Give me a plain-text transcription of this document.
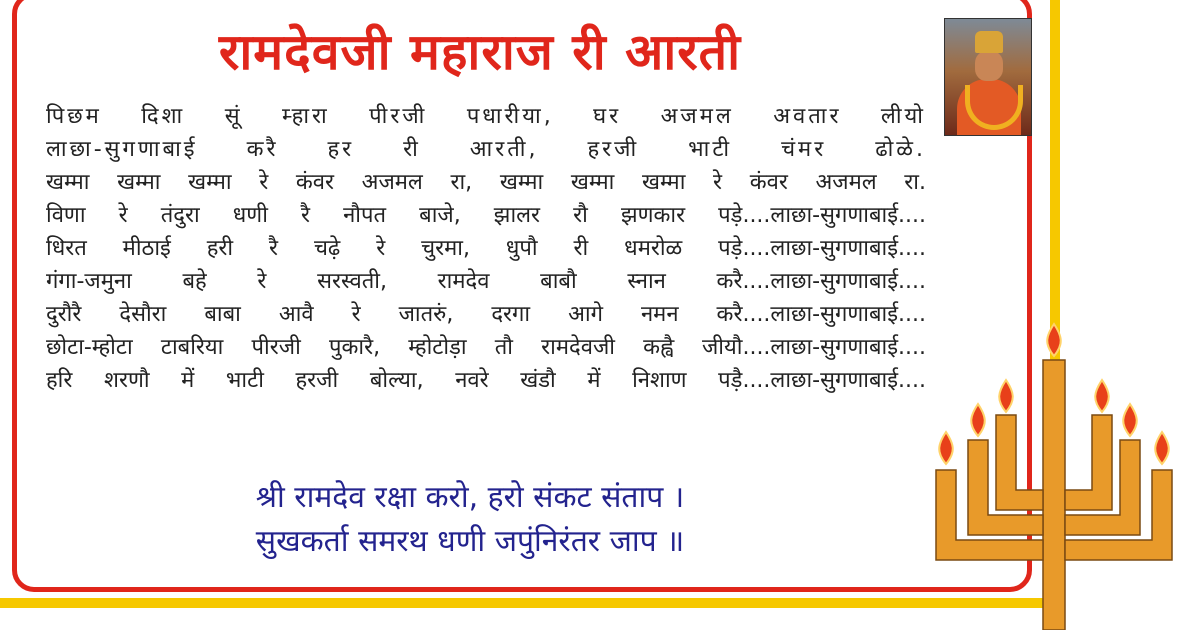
रामदेवजी महाराज री आरती
पिछम दिशा सूं म्हारा पीरजी पधारीया, घर अजमल अवतार लीयो
लाछा-सुगणाबाई करै हर री आरती, हरजी भाटी चंमर ढोळे.
खम्मा खम्मा खम्मा रे कंवर अजमल रा, खम्मा खम्मा खम्मा रे कंवर अजमल रा.
विणा रे तंदुरा धणी रै नौपत बाजे, झालर रौ झणकार पड़े....लाछा-सुगणाबाई....
धिरत मीठाई हरी रै चढ़े रे चुरमा, धुपौ री धमरोळ पड़े....लाछा-सुगणाबाई....
गंगा-जमुना बहे रे सरस्वती, रामदेव बाबौ स्नान करै....लाछा-सुगणाबाई....
दुरौरै देसौरा बाबा आवै रे जातरुं, दरगा आगे नमन करै....लाछा-सुगणाबाई....
छोटा-म्होटा टाबरिया पीरजी पुकारै, म्होटोड़ा तौ रामदेवजी कह्वै जीयौ....लाछा-सुगणाबाई....
हरि शरणौ में भाटी हरजी बोल्या, नवरे खंडौ में निशाण पड़ै....लाछा-सुगणाबाई....
श्री रामदेव रक्षा करो, हरो संकट संताप ।
सुखकर्ता समरथ धणी जपुंनिरंतर जाप ॥
